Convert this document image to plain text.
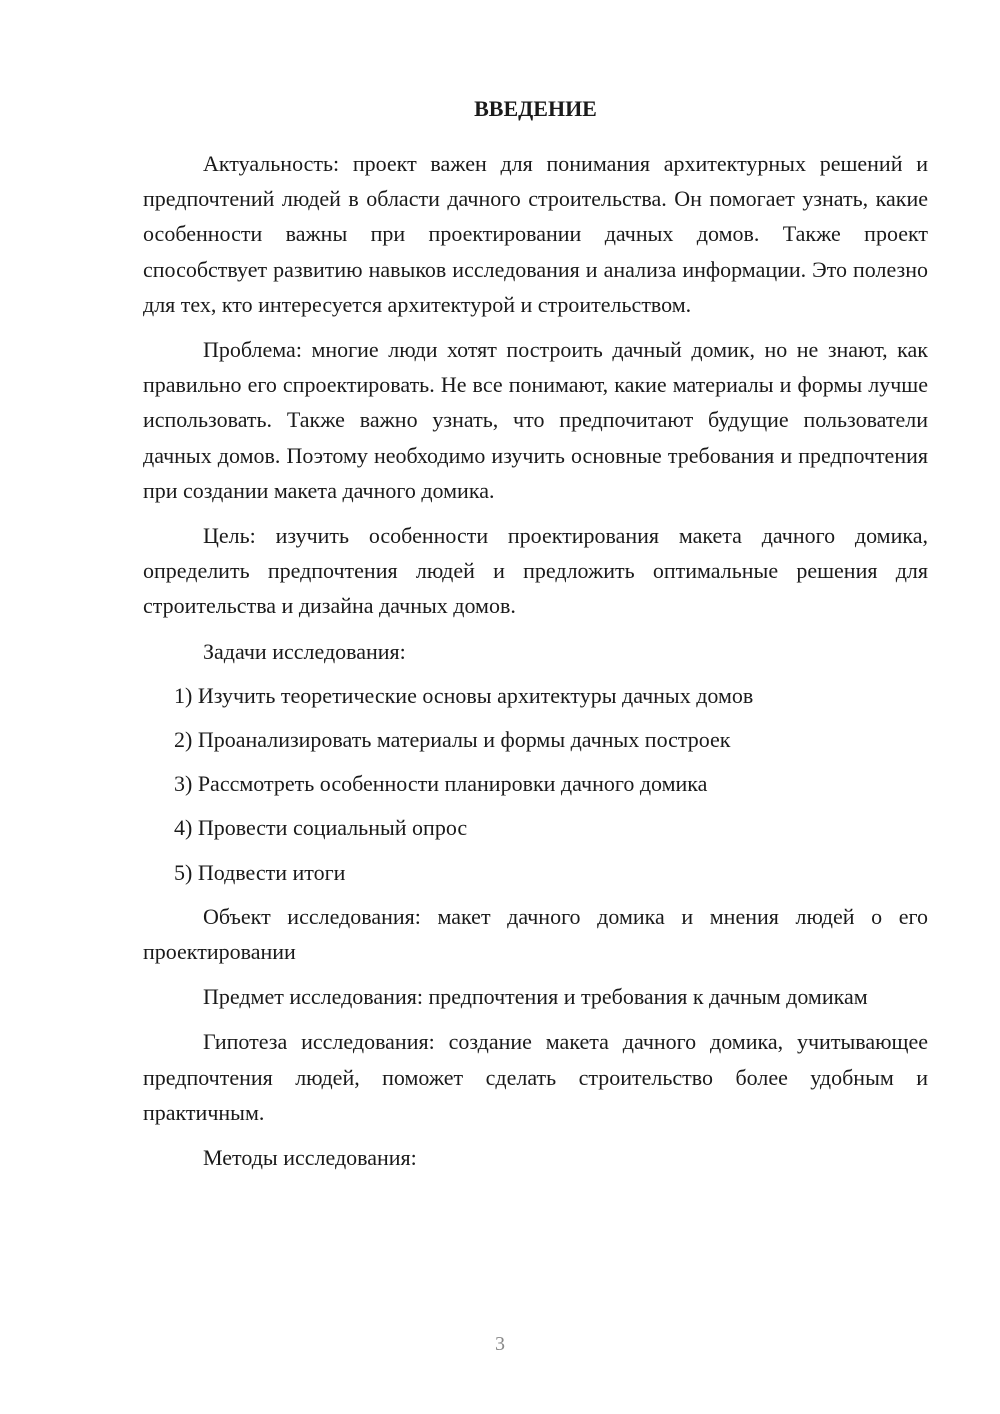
ВВЕДЕНИЕ

Актуальность: проект важен для понимания архитектурных решений и предпочтений людей в области дачного строительства. Он помогает узнать, какие особенности важны при проектировании дачных домов. Также проект способствует развитию навыков исследования и анализа информации. Это полезно для тех, кто интересуется архитектурой и строительством.

Проблема: многие люди хотят построить дачный домик, но не знают, как правильно его спроектировать. Не все понимают, какие материалы и формы лучше использовать. Также важно узнать, что предпочитают будущие пользователи дачных домов. Поэтому необходимо изучить основные требования и предпочтения при создании макета дачного домика.

Цель: изучить особенности проектирования макета дачного домика, определить предпочтения людей и предложить оптимальные решения для строительства и дизайна дачных домов.

Задачи исследования:

1) Изучить теоретические основы архитектуры дачных домов

2) Проанализировать материалы и формы дачных построек

3) Рассмотреть особенности планировки дачного домика

4) Провести социальный опрос

5) Подвести итоги

Объект исследования: макет дачного домика и мнения людей о его проектировании

Предмет исследования: предпочтения и требования к дачным домикам

Гипотеза исследования: создание макета дачного домика, учитывающее предпочтения людей, поможет сделать строительство более удобным и практичным.

Методы исследования:

3
